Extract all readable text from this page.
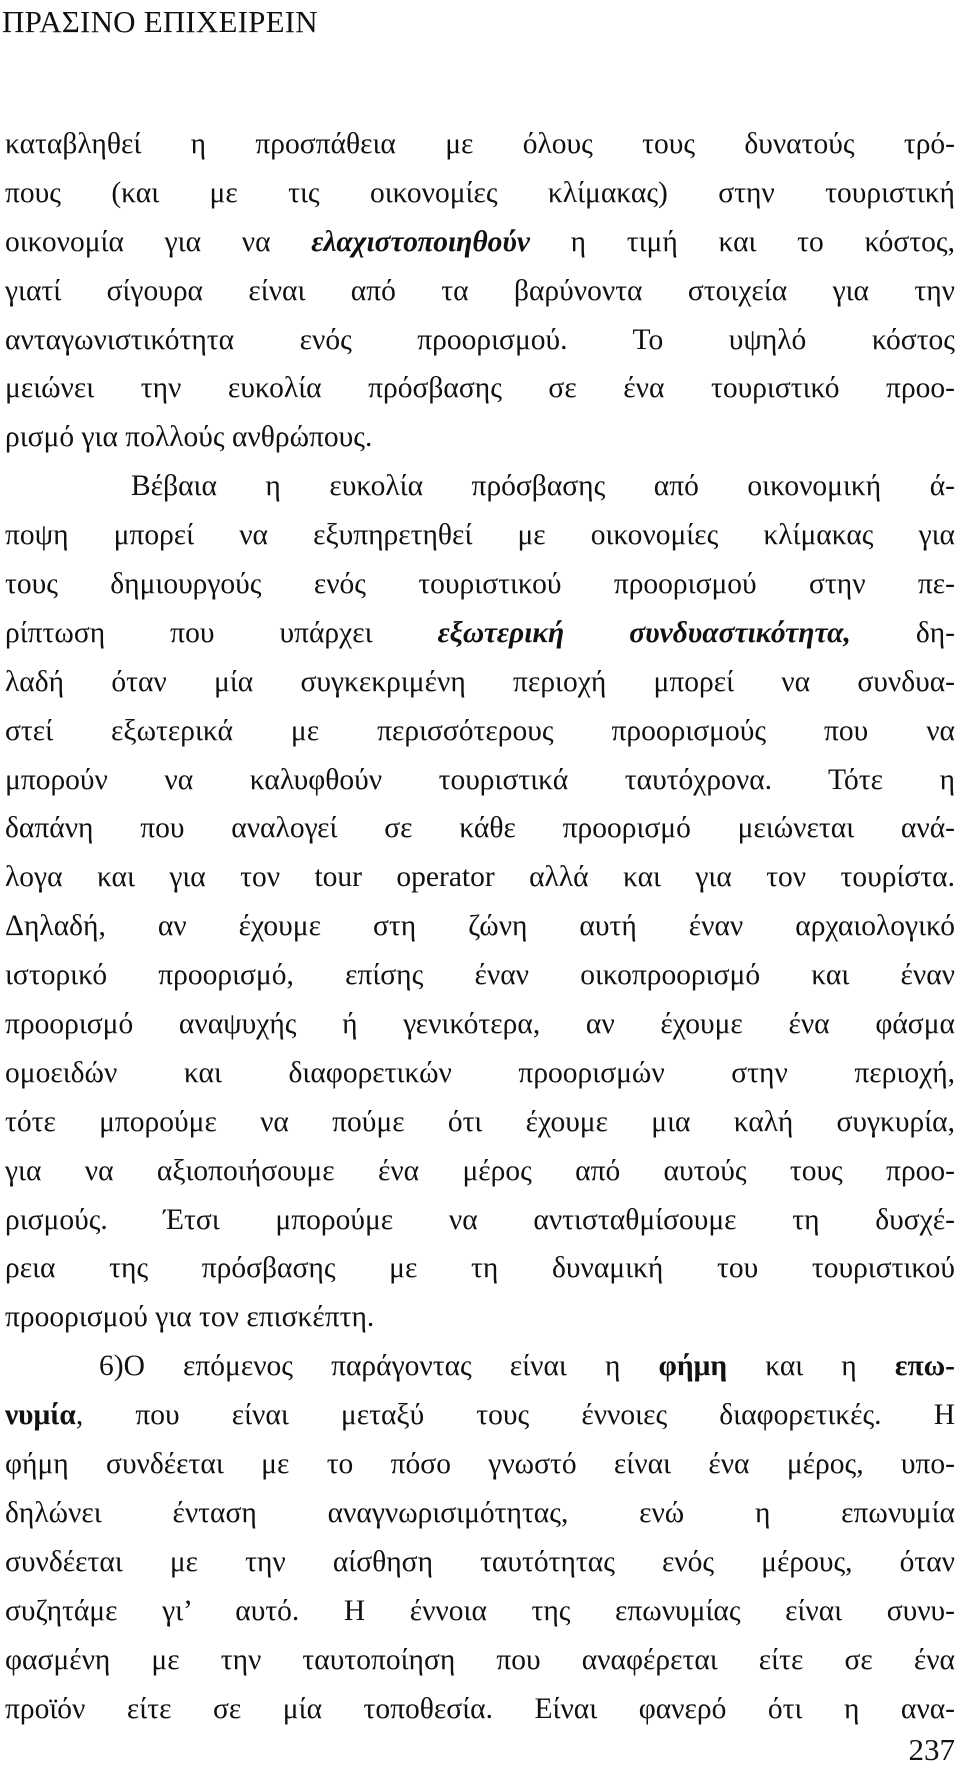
ΠΡΑΣΙΝΟ ΕΠΙΧΕΙΡΕΙΝ
καταβληθεί η προσπάθεια με όλους τους δυνατούς τρό-
πους (και με τις οικονομίες κλίμακας) στην τουριστική
οικονομία για να ελαχιστοποιηθούν η τιμή και το κόστος,
γιατί σίγουρα είναι από τα βαρύνοντα στοιχεία για την
ανταγωνιστικότητα ενός προορισμού. Το υψηλό κόστος
μειώνει την ευκολία πρόσβασης σε ένα τουριστικό προο-
ρισμό για πολλούς ανθρώπους.
Βέβαια η ευκολία πρόσβασης από οικονομική ά-
ποψη μπορεί να εξυπηρετηθεί με οικονομίες κλίμακας για
τους δημιουργούς ενός τουριστικού προορισμού στην πε-
ρίπτωση που υπάρχει εξωτερική συνδυαστικότητα, δη-
λαδή όταν μία συγκεκριμένη περιοχή μπορεί να συνδυα-
στεί εξωτερικά με περισσότερους προορισμούς που να
μπορούν να καλυφθούν τουριστικά ταυτόχρονα. Τότε η
δαπάνη που αναλογεί σε κάθε προορισμό μειώνεται ανά-
λογα και για τον tour operator αλλά και για τον τουρίστα.
Δηλαδή, αν έχουμε στη ζώνη αυτή έναν αρχαιολογικό
ιστορικό προορισμό, επίσης έναν οικοπροορισμό και έναν
προορισμό αναψυχής ή γενικότερα, αν έχουμε ένα φάσμα
ομοειδών και διαφορετικών προορισμών στην περιοχή,
τότε μπορούμε να πούμε ότι έχουμε μια καλή συγκυρία,
για να αξιοποιήσουμε ένα μέρος από αυτούς τους προο-
ρισμούς. Έτσι μπορούμε να αντισταθμίσουμε τη δυσχέ-
ρεια της πρόσβασης με τη δυναμική του τουριστικού
προορισμού για τον επισκέπτη.
6)Ο επόμενος παράγοντας είναι η φήμη και η επω-
νυμία, που είναι μεταξύ τους έννοιες διαφορετικές. Η
φήμη συνδέεται με το πόσο γνωστό είναι ένα μέρος, υπο-
δηλώνει ένταση αναγνωρισιμότητας, ενώ η επωνυμία
συνδέεται με την αίσθηση ταυτότητας ενός μέρους, όταν
συζητάμε γι’ αυτό. Η έννοια της επωνυμίας είναι συνυ-
φασμένη με την ταυτοποίηση που αναφέρεται είτε σε ένα
προϊόν είτε σε μία τοποθεσία. Είναι φανερό ότι η ανα-
237
